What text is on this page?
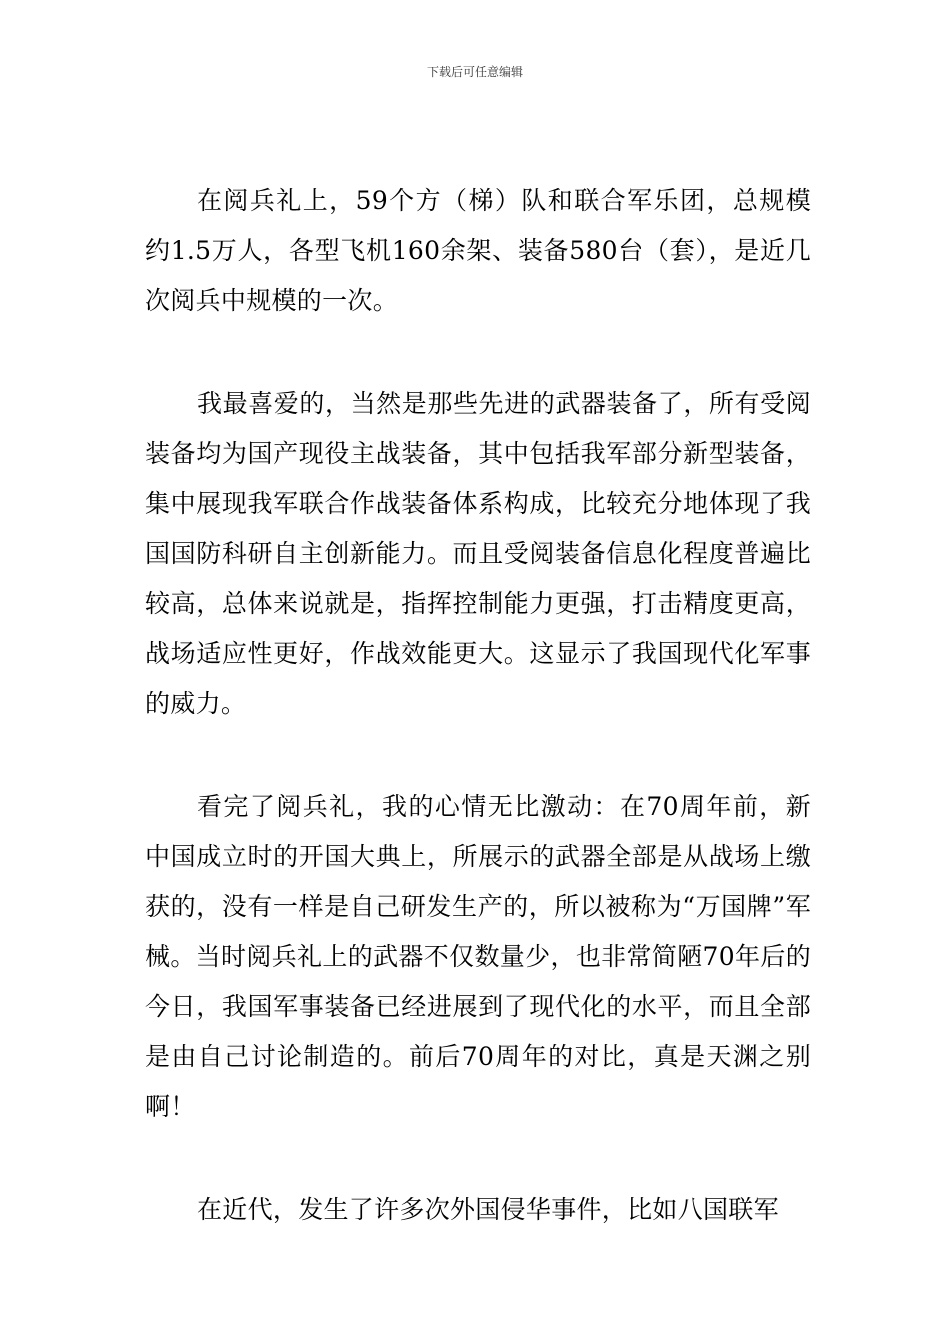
下载后可任意编辑

在阅兵礼上，59个方（梯）队和联合军乐团，总规模约1.5万人，各型飞机160余架、装备580台（套），是近几次阅兵中规模的一次。

我最喜爱的，当然是那些先进的武器装备了，所有受阅装备均为国产现役主战装备，其中包括我军部分新型装备，集中展现我军联合作战装备体系构成，比较充分地体现了我国国防科研自主创新能力。而且受阅装备信息化程度普遍比较高，总体来说就是，指挥控制能力更强，打击精度更高，战场适应性更好，作战效能更大。这显示了我国现代化军事的威力。

看完了阅兵礼，我的心情无比激动：在70周年前，新中国成立时的开国大典上，所展示的武器全部是从战场上缴获的，没有一样是自己研发生产的，所以被称为“万国牌”军械。当时阅兵礼上的武器不仅数量少，也非常简陋70年后的今日，我国军事装备已经进展到了现代化的水平，而且全部是由自己讨论制造的。前后70周年的对比，真是天渊之别啊！

在近代，发生了许多次外国侵华事件，比如八国联军
